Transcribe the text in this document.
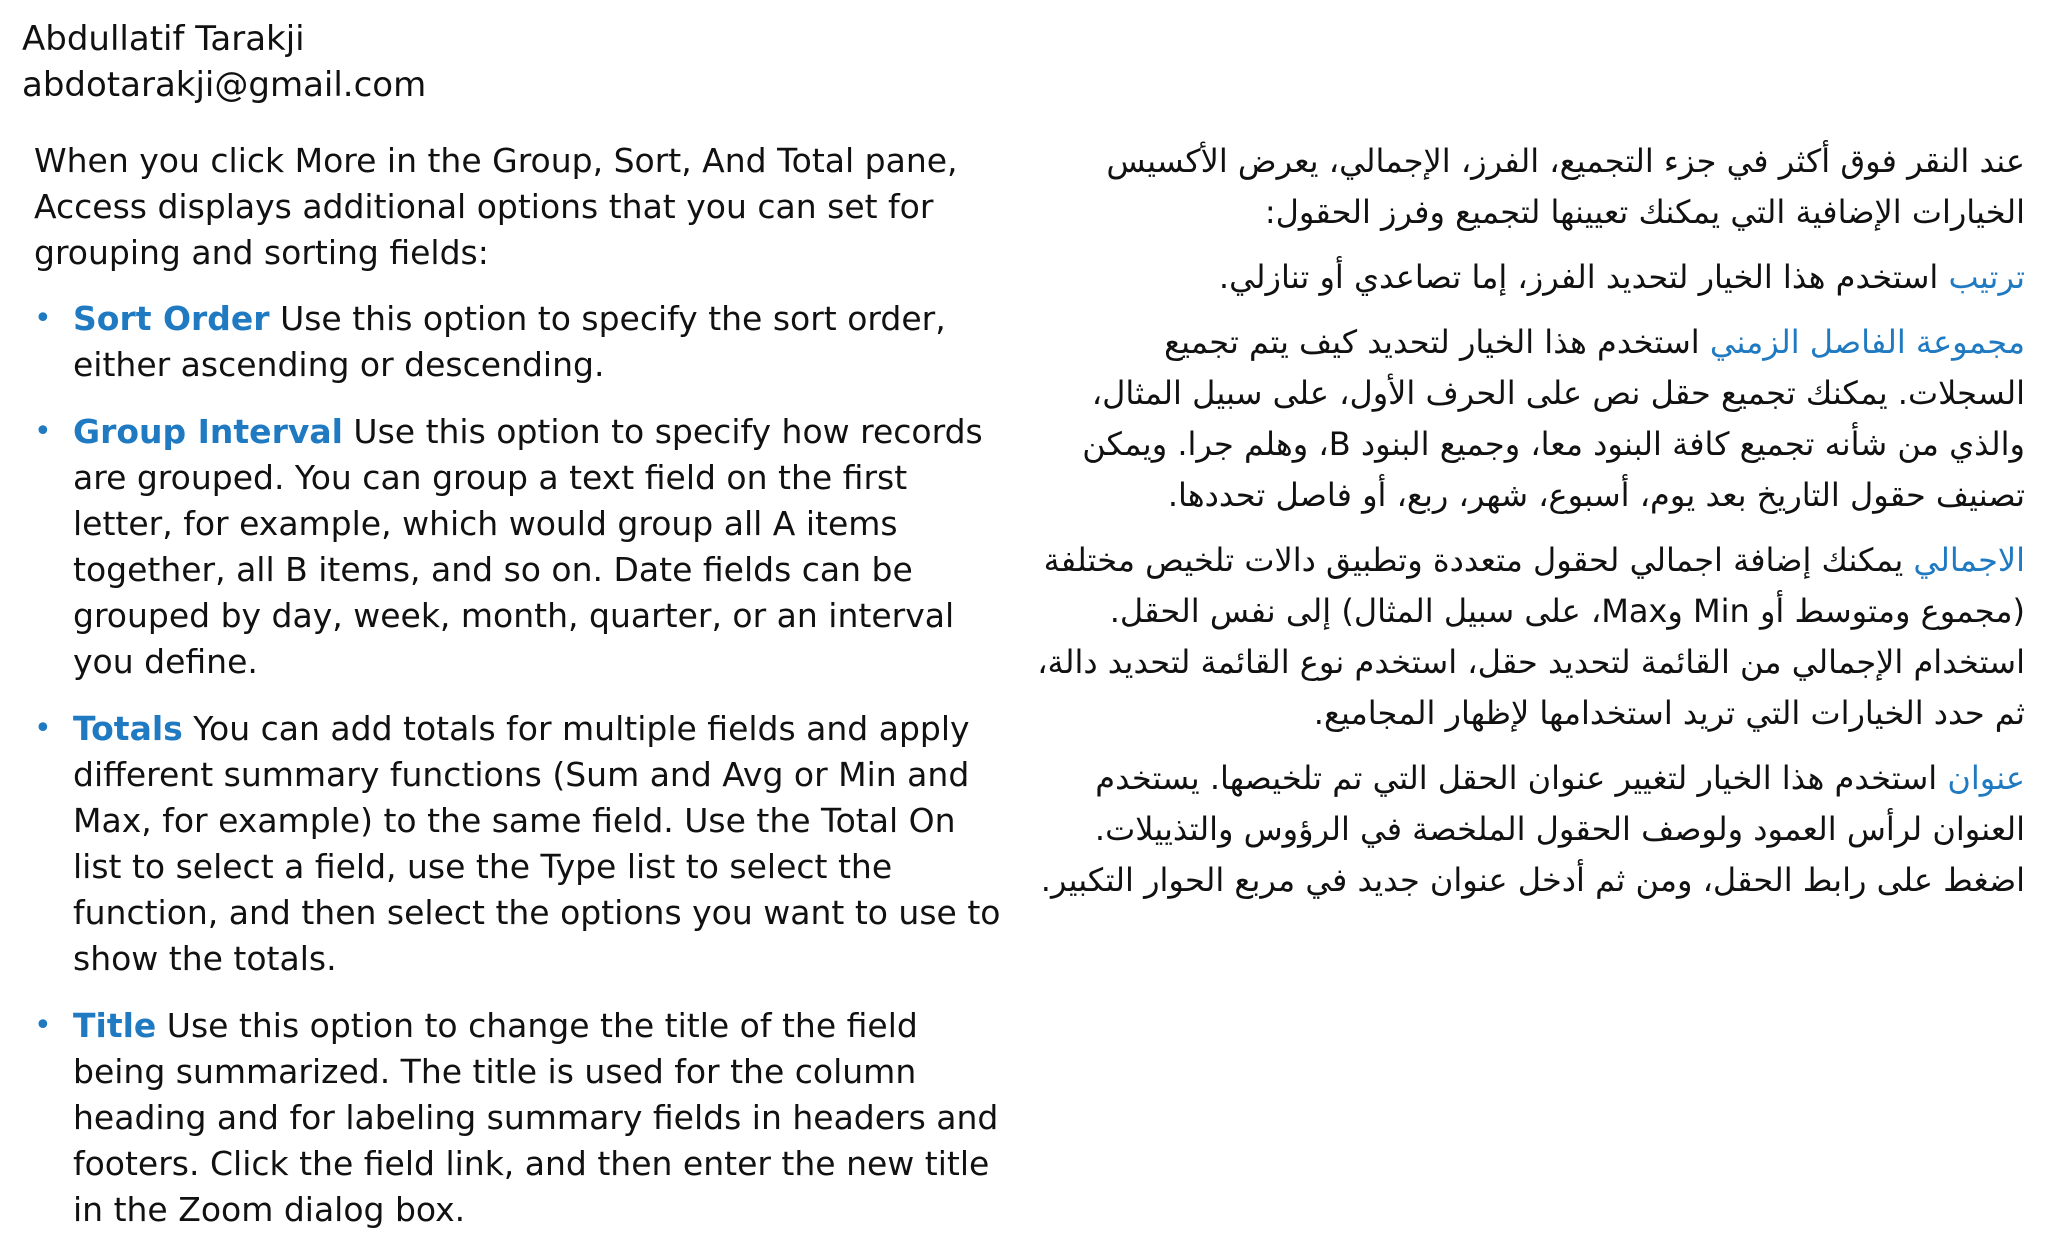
Abdullatif Tarakji
abdotarakji@gmail.com

When you click More in the Group, Sort, And Total pane, Access displays additional options that you can set for grouping and sorting fields:

• Sort Order Use this option to specify the sort order, either ascending or descending.
• Group Interval Use this option to specify how records are grouped. You can group a text field on the first letter, for example, which would group all A items together, all B items, and so on. Date fields can be grouped by day, week, month, quarter, or an interval you define.
• Totals You can add totals for multiple fields and apply different summary functions (Sum and Avg or Min and Max, for example) to the same field. Use the Total On list to select a field, use the Type list to select the function, and then select the options you want to use to show the totals.
• Title Use this option to change the title of the field being summarized. The title is used for the column heading and for labeling summary fields in headers and footers. Click the field link, and then enter the new title in the Zoom dialog box.

عند النقر فوق أكثر في جزء التجميع، الفرز، الإجمالي، يعرض الأكسيس الخيارات الإضافية التي يمكنك تعيينها لتجميع وفرز الحقول:

ترتيب استخدم هذا الخيار لتحديد الفرز، إما تصاعدي أو تنازلي.

مجموعة الفاصل الزمني استخدم هذا الخيار لتحديد كيف يتم تجميع السجلات. يمكنك تجميع حقل نص على الحرف الأول، على سبيل المثال، والذي من شأنه تجميع كافة البنود معا، وجميع البنود B، وهلم جرا. ويمكن تصنيف حقول التاريخ بعد يوم، أسبوع، شهر، ربع، أو فاصل تحددها.

الاجمالي يمكنك إضافة اجمالي لحقول متعددة وتطبيق دالات تلخيص مختلفة (مجموع ومتوسط أو Min وMax، على سبيل المثال) إلى نفس الحقل. استخدام الإجمالي من القائمة لتحديد حقل، استخدم نوع القائمة لتحديد دالة، ثم حدد الخيارات التي تريد استخدامها لإظهار المجاميع.

عنوان استخدم هذا الخيار لتغيير عنوان الحقل التي تم تلخيصها. يستخدم العنوان لرأس العمود ولوصف الحقول الملخصة في الرؤوس والتذييلات. اضغط على رابط الحقل، ومن ثم أدخل عنوان جديد في مربع الحوار التكبير.
